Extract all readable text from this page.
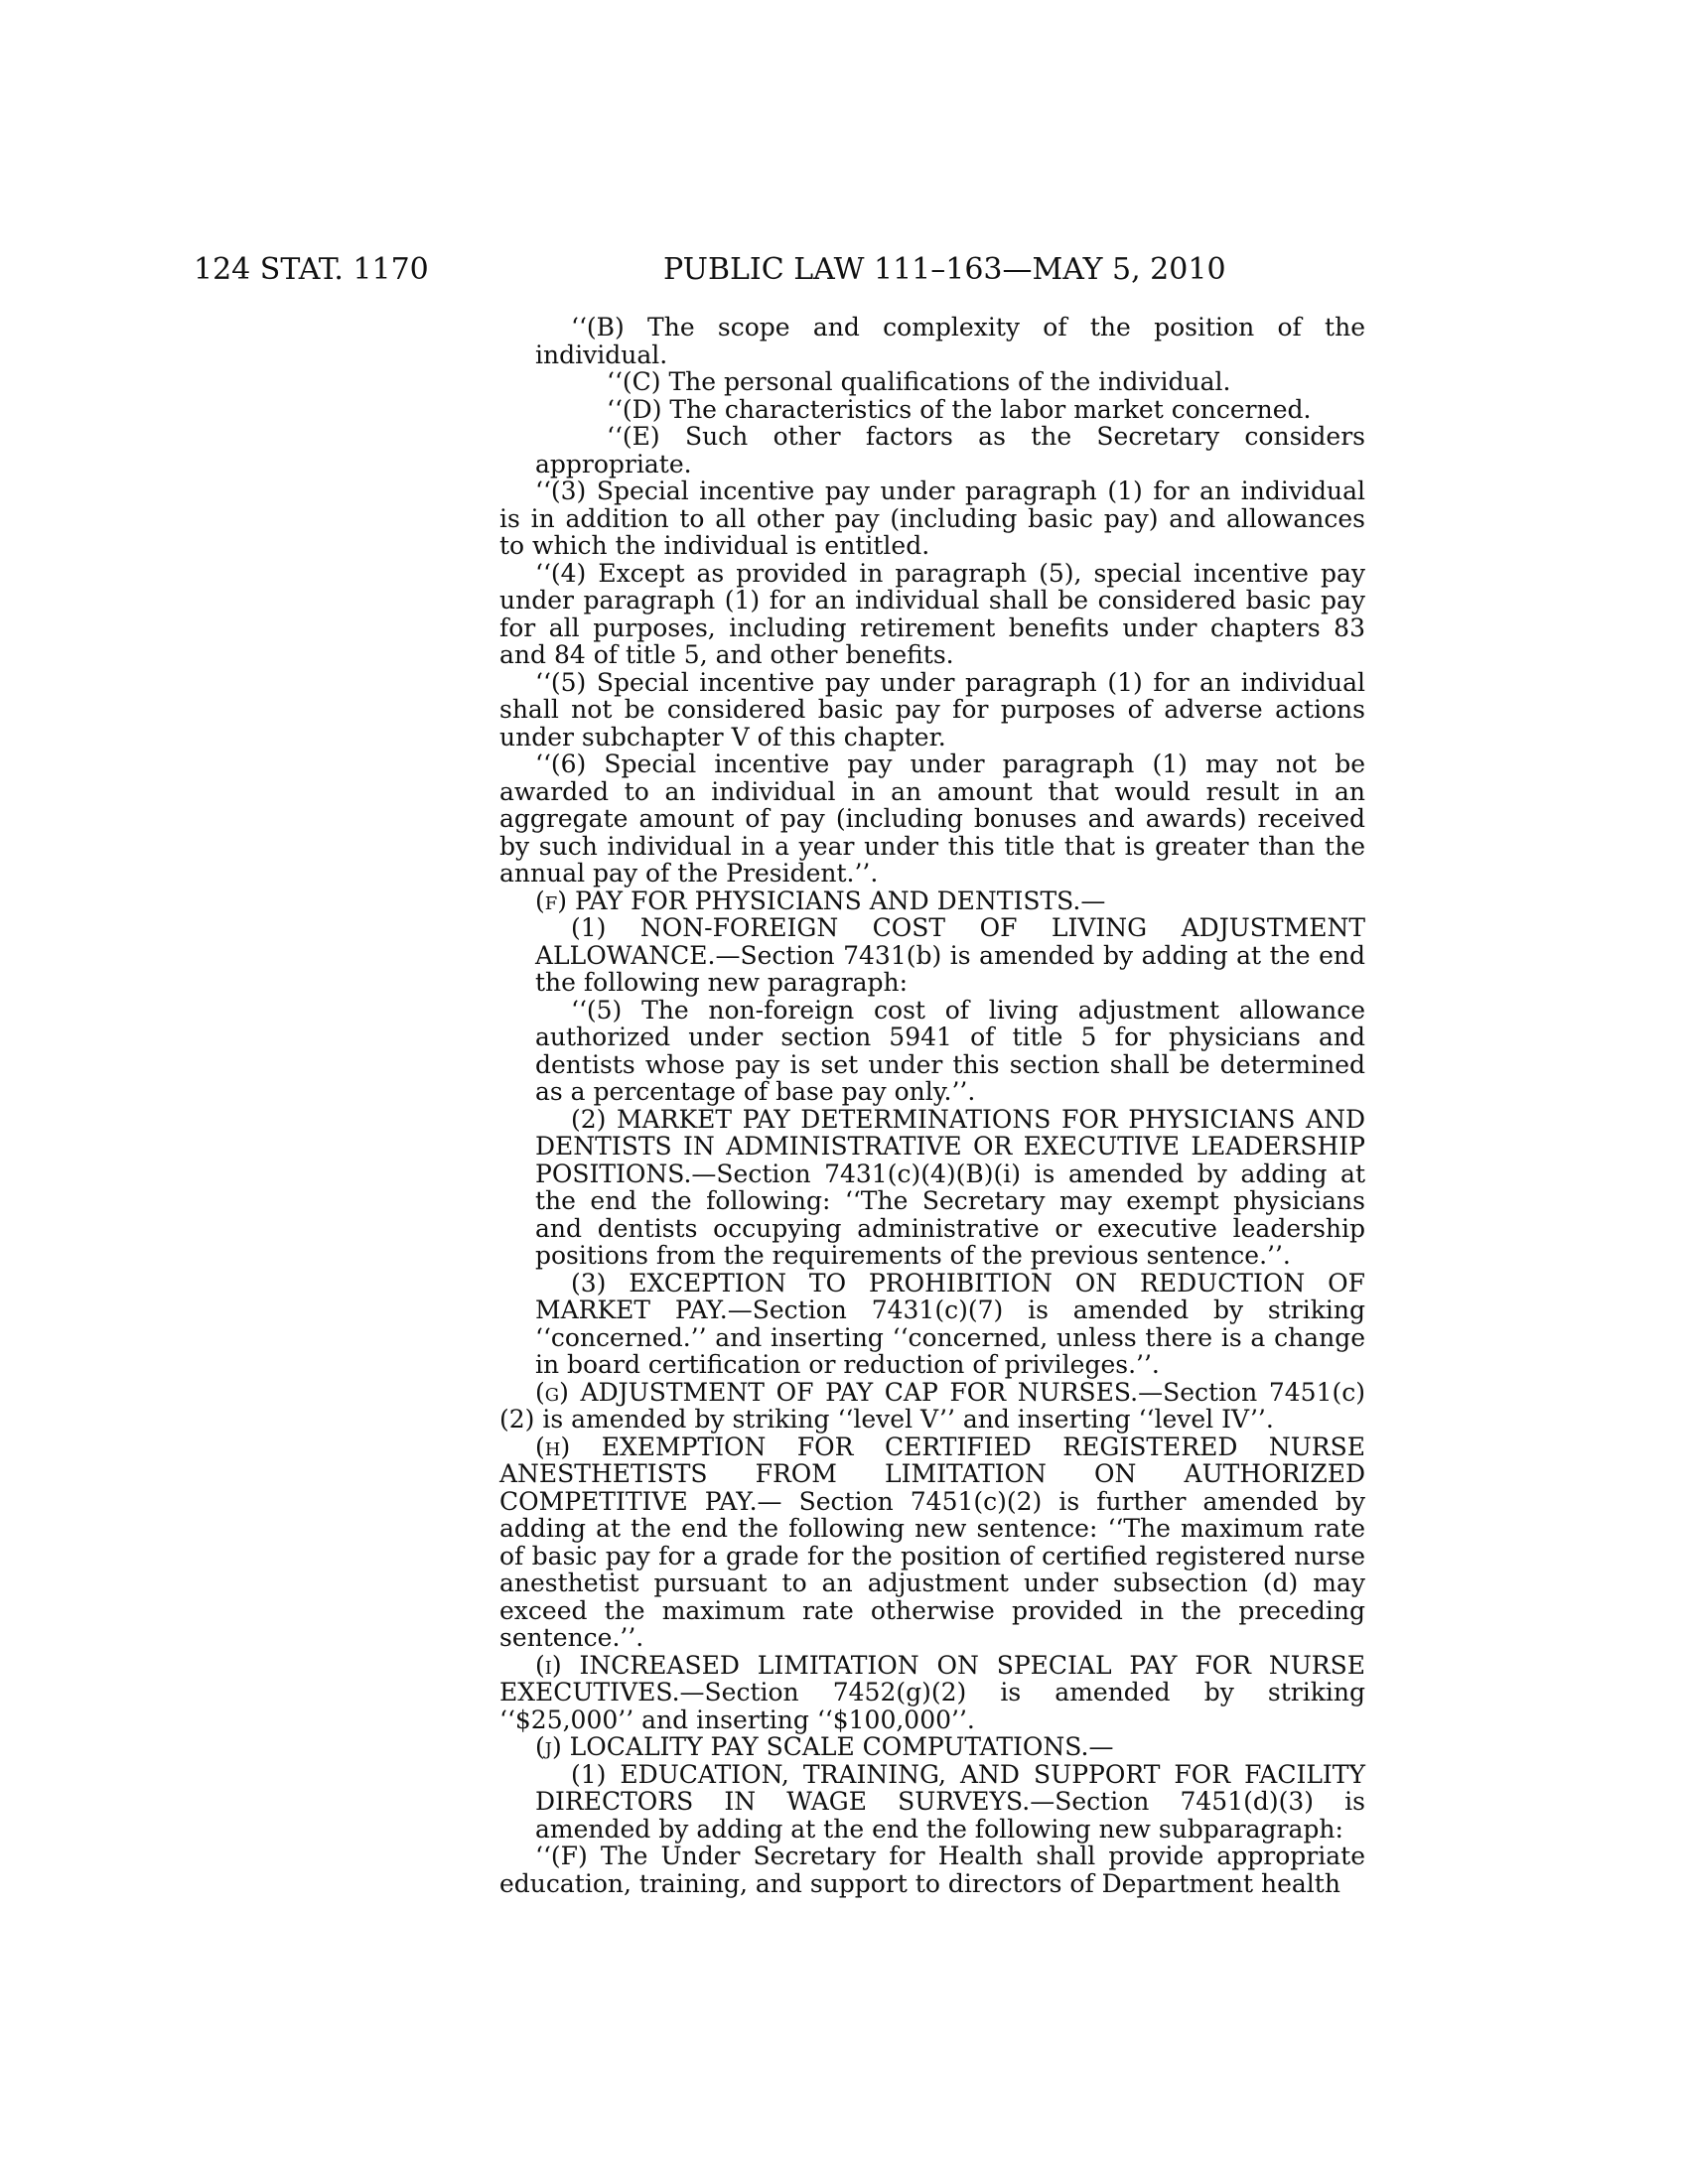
124 STAT. 1170	PUBLIC LAW 111–163—MAY 5, 2010

‘‘(B) The scope and complexity of the position of the individual.

‘‘(C) The personal qualifications of the individual.

‘‘(D) The characteristics of the labor market concerned.

‘‘(E) Such other factors as the Secretary considers appropriate.

‘‘(3) Special incentive pay under paragraph (1) for an individual is in addition to all other pay (including basic pay) and allowances to which the individual is entitled.

‘‘(4) Except as provided in paragraph (5), special incentive pay under paragraph (1) for an individual shall be considered basic pay for all purposes, including retirement benefits under chapters 83 and 84 of title 5, and other benefits.

‘‘(5) Special incentive pay under paragraph (1) for an individual shall not be considered basic pay for purposes of adverse actions under subchapter V of this chapter.

‘‘(6) Special incentive pay under paragraph (1) may not be awarded to an individual in an amount that would result in an aggregate amount of pay (including bonuses and awards) received by such individual in a year under this title that is greater than the annual pay of the President.’’.

(f) PAY FOR PHYSICIANS AND DENTISTS.—

(1) NON-FOREIGN COST OF LIVING ADJUSTMENT ALLOWANCE.—Section 7431(b) is amended by adding at the end the following new paragraph:

‘‘(5) The non-foreign cost of living adjustment allowance authorized under section 5941 of title 5 for physicians and dentists whose pay is set under this section shall be determined as a percentage of base pay only.’’.

(2) MARKET PAY DETERMINATIONS FOR PHYSICIANS AND DENTISTS IN ADMINISTRATIVE OR EXECUTIVE LEADERSHIP POSITIONS.—Section 7431(c)(4)(B)(i) is amended by adding at the end the following: ‘‘The Secretary may exempt physicians and dentists occupying administrative or executive leadership positions from the requirements of the previous sentence.’’.

(3) EXCEPTION TO PROHIBITION ON REDUCTION OF MARKET PAY.—Section 7431(c)(7) is amended by striking ‘‘concerned.’’ and inserting ‘‘concerned, unless there is a change in board certification or reduction of privileges.’’.

(g) ADJUSTMENT OF PAY CAP FOR NURSES.—Section 7451(c)(2) is amended by striking ‘‘level V’’ and inserting ‘‘level IV’’.

(h) EXEMPTION FOR CERTIFIED REGISTERED NURSE ANESTHETISTS FROM LIMITATION ON AUTHORIZED COMPETITIVE PAY.— Section 7451(c)(2) is further amended by adding at the end the following new sentence: ‘‘The maximum rate of basic pay for a grade for the position of certified registered nurse anesthetist pursuant to an adjustment under subsection (d) may exceed the maximum rate otherwise provided in the preceding sentence.’’.

(i) INCREASED LIMITATION ON SPECIAL PAY FOR NURSE EXECUTIVES.—Section 7452(g)(2) is amended by striking ‘‘$25,000’’ and inserting ‘‘$100,000’’.

(j) LOCALITY PAY SCALE COMPUTATIONS.—

(1) EDUCATION, TRAINING, AND SUPPORT FOR FACILITY DIRECTORS IN WAGE SURVEYS.—Section 7451(d)(3) is amended by adding at the end the following new subparagraph:

‘‘(F) The Under Secretary for Health shall provide appropriate education, training, and support to directors of Department health
